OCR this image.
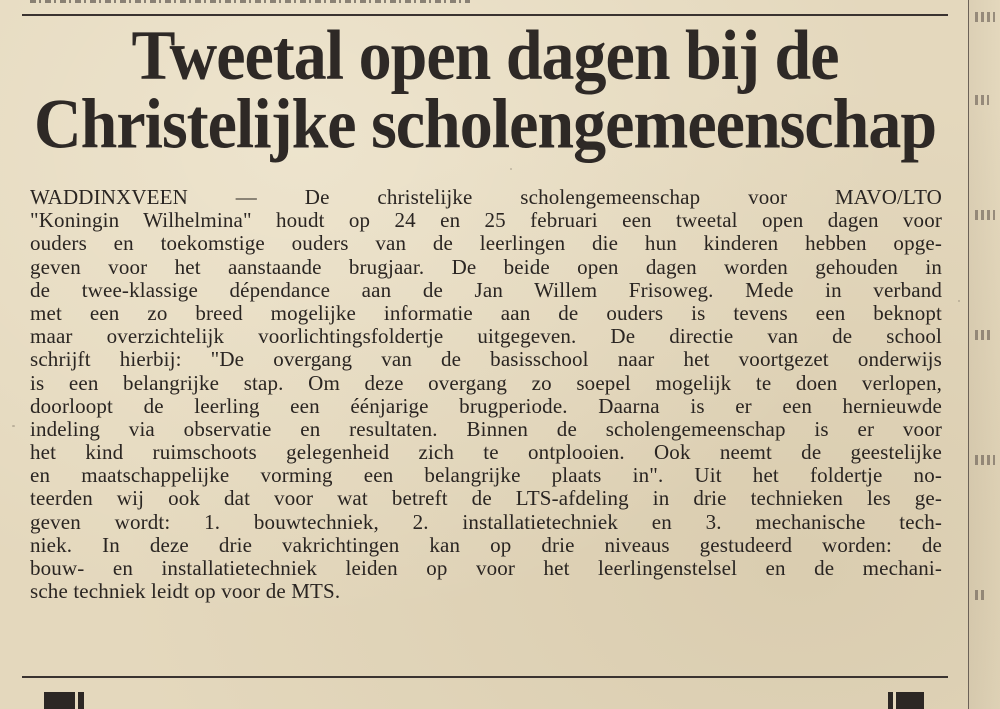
Tweetal open dagen bij de
Christelijke scholengemeenschap
WADDINXVEEN — De christelijke scholengemeenschap voor MAVO/LTO
"Koningin Wilhelmina" houdt op 24 en 25 februari een tweetal open dagen voor
ouders en toekomstige ouders van de leerlingen die hun kinderen hebben opge-
geven voor het aanstaande brugjaar. De beide open dagen worden gehouden in
de twee-klassige dépendance aan de Jan Willem Frisoweg. Mede in verband
met een zo breed mogelijke informatie aan de ouders is tevens een beknopt
maar overzichtelijk voorlichtingsfoldertje uitgegeven. De directie van de school
schrijft hierbij: "De overgang van de basisschool naar het voortgezet onderwijs
is een belangrijke stap. Om deze overgang zo soepel mogelijk te doen verlopen,
doorloopt de leerling een éénjarige brugperiode. Daarna is er een hernieuwde
indeling via observatie en resultaten. Binnen de scholengemeenschap is er voor
het kind ruimschoots gelegenheid zich te ontplooien. Ook neemt de geestelijke
en maatschappelijke vorming een belangrijke plaats in". Uit het foldertje no-
teerden wij ook dat voor wat betreft de LTS-afdeling in drie technieken les ge-
geven wordt: 1. bouwtechniek, 2. installatietechniek en 3. mechanische tech-
niek. In deze drie vakrichtingen kan op drie niveaus gestudeerd worden: de
bouw- en installatietechniek leiden op voor het leerlingenstelsel en de mechani-
sche techniek leidt op voor de MTS.
